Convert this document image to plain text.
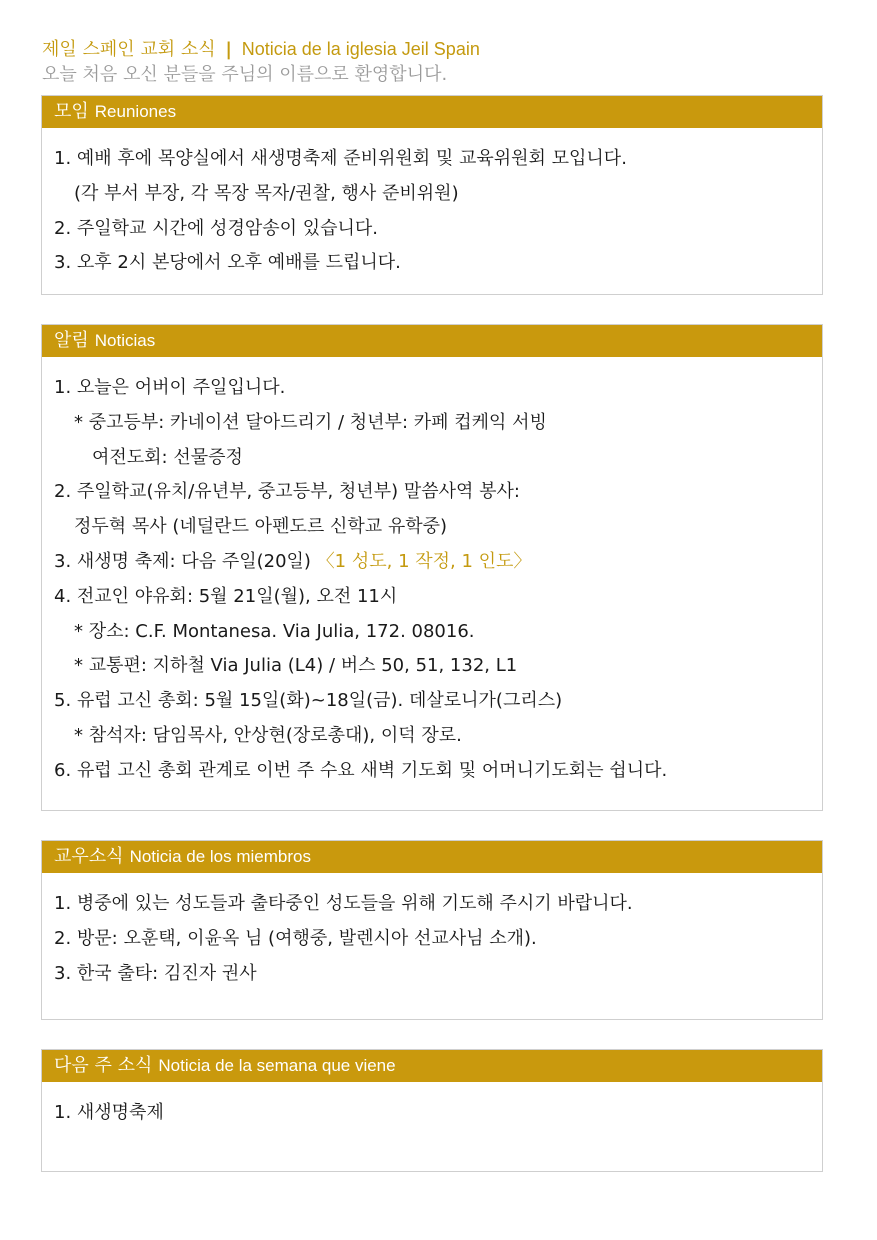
제일 스페인 교회 소식 | Noticia de la iglesia Jeil Spain
오늘 처음 오신 분들을 주님의 이름으로 환영합니다.
모임 Reuniones
1. 예배 후에 목양실에서 새생명축제 준비위원회 및 교육위원회 모입니다.
(각 부서 부장, 각 목장 목자/권찰, 행사 준비위원)
2. 주일학교 시간에 성경암송이 있습니다.
3. 오후 2시 본당에서 오후 예배를 드립니다.
알림 Noticias
1. 오늘은 어버이 주일입니다.
* 중고등부: 카네이션 달아드리기 / 청년부: 카페 컵케익 서빙
여전도회: 선물증정
2. 주일학교(유치/유년부, 중고등부, 청년부) 말씀사역 봉사:
정두혁 목사 (네덜란드 아펜도르 신학교 유학중)
3. 새생명 축제: 다음 주일(20일) 〈1 성도, 1 작정, 1 인도〉
4. 전교인 야유회: 5월 21일(월), 오전 11시
* 장소: C.F. Montanesa. Via Julia, 172. 08016.
* 교통편: 지하철 Via Julia (L4) / 버스 50, 51, 132, L1
5. 유럽 고신 총회: 5월 15일(화)~18일(금). 데살로니가(그리스)
* 참석자: 담임목사, 안상현(장로총대), 이덕 장로.
6. 유럽 고신 총회 관계로 이번 주 수요 새벽 기도회 및 어머니기도회는 쉽니다.
교우소식 Noticia de los miembros
1. 병중에 있는 성도들과 출타중인 성도들을 위해 기도해 주시기 바랍니다.
2. 방문: 오훈택, 이윤옥 님 (여행중, 발렌시아 선교사님 소개).
3. 한국 출타: 김진자 권사
다음 주 소식 Noticia de la semana que viene
1. 새생명축제
